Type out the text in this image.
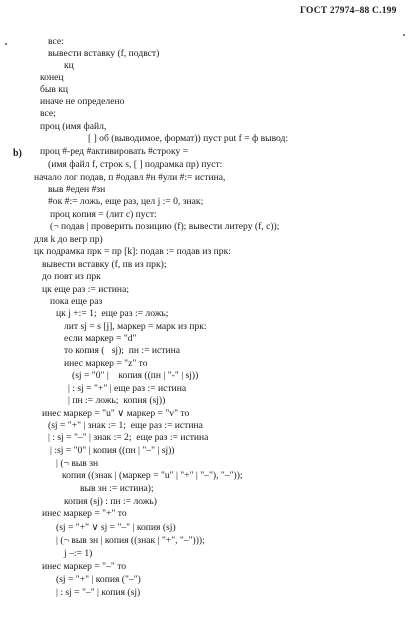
ГОСТ 27974–88 С.199
b)
все:
вывести вставку (f, подвст)
кц
конец
быв кц
иначе не определено
все;
проц (имя файл,
[ ] об (выводимое, формат)) пуст put f = ф вывод:
проц #-ред #активировать #строку =
(имя файл f, строк s, [ ] подрамка пр) пуст:
начало лог подав, п #одавл #н #ули #:= истина,
выв #еден #зн
#ок #:= ложь, еще раз, цел j := 0, знак;
проц копия = (лит с) пуст:
(¬ подав | проверить позицию (f); вывести литеру (f, c));
для k до вегр пр)
цк подрамка прк = пр [k]: подав := подав из прк:
вывести вставку (f, пв из прк);
до повт из прк
цк еще раз := истина;
пока еще раз
цк j +:= 1;  еще раз := ложь;
лит sj = s [j], маркер = марк из прк:
если маркер = "d"
то копия (   sj);  пн := истина
инес маркер = "z" то
(sj = "0" |    копия ((пн | "-" | sj))
| : sj = "+" | еще раз := истина
| пн := ложь;  копия (sj))
инес маркер = "u" ∨ маркер = "v" то
(sj = "+" | знак := 1;  еще раз := истина
| : sj = "–" | знак := 2;  еще раз := истина
| :sj = "0" | копия ((пн | "–" | sj))
| (¬ выв зн
копия ((знак | (маркер = "u" | "+" | "–"), "–"));
выв зн := истина);
копия (sj) : пн := ложь)
инес маркер = "+" то
(sj = "+" ∨ sj = "–" | копия (sj)
| (¬ выв зн | копия ((знак | "+", "–")));
j –:= 1)
инес маркер = "–" то
(sj = "+" | копия ("–")
| : sj = "–" | копия (sj)
